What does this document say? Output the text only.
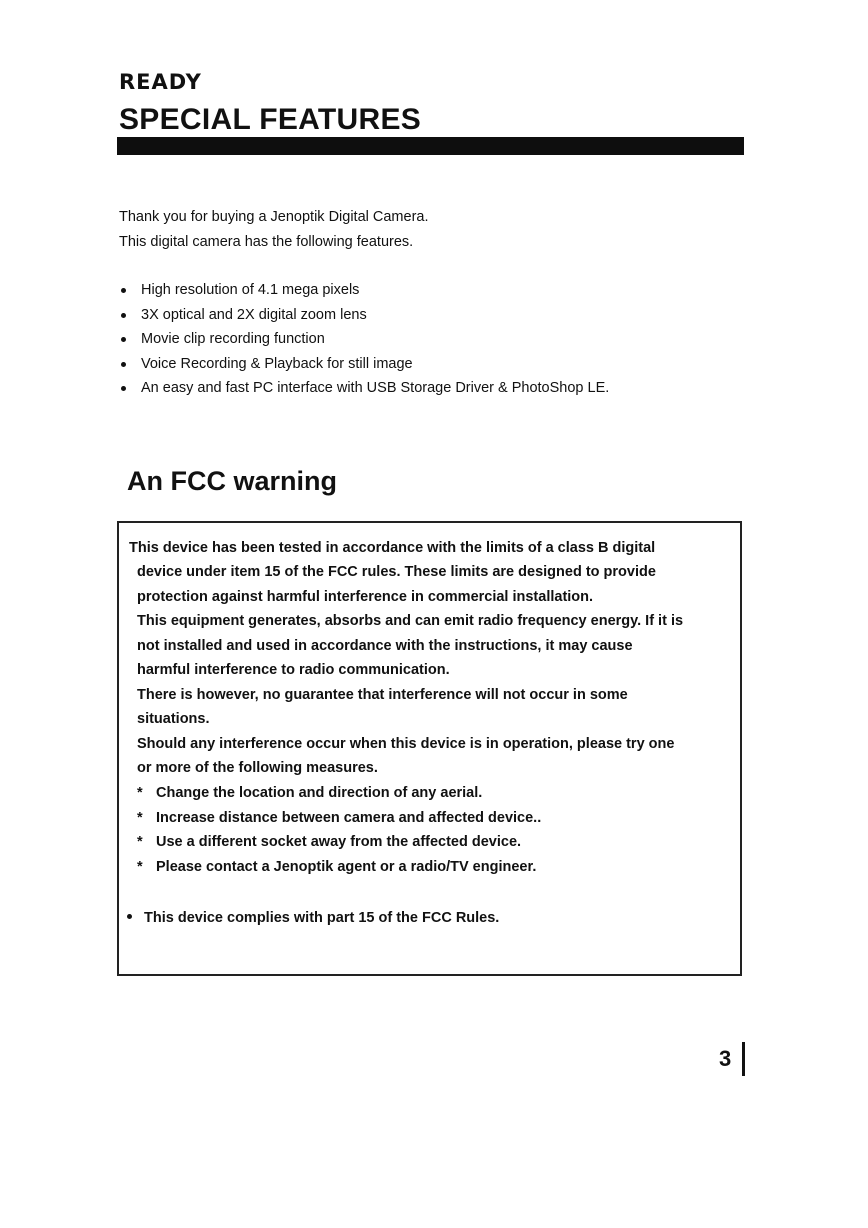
READY
SPECIAL FEATURES

Thank you for buying a Jenoptik Digital Camera.

This digital camera has the following features.

High resolution of 4.1 mega pixels
3X optical and 2X digital zoom lens
Movie clip recording function
Voice Recording & Playback for still image
An easy and fast PC interface with USB Storage Driver & PhotoShop LE.
An FCC warning

This device has been tested in accordance with the limits of a class B digital

device under item 15 of the FCC rules. These limits are designed to provide

protection against harmful interference in commercial installation.

This equipment generates, absorbs and can emit radio frequency energy. If it is

not installed and used in accordance with the instructions, it may cause

harmful interference to radio communication.

There is however, no guarantee that interference will not occur in some

situations.

Should any interference occur when this device is in operation, please try one

or more of the following measures.

* Change the location and direction of any aerial.
* Increase distance between camera and affected device..
* Use a different socket away from the affected device.
* Please contact a Jenoptik agent or a radio/TV engineer.
This device complies with part 15 of the FCC Rules.
3
